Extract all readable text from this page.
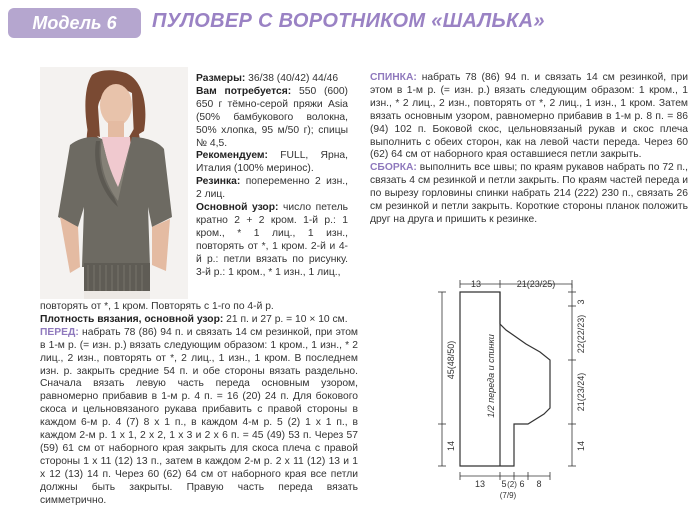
Модель 6	ПУЛОВЕР С ВОРОТНИКОМ «ШАЛЬКА»

Размеры: 36/38 (40/42) 44/46

Вам потребуется: 550 (600) 650 г тёмно-серой пряжи Asia (50% бамбукового волокна, 50% хлопка, 95 м/50 г); спицы № 4,5.

Рекомендуем: FULL, Ярна, Италия (100% меринос).

Резинка: попеременно 2 изн., 2 лиц.

Основной узор: число петель кратно 2 + 2 кром. 1-й р.: 1 кром., * 1 лиц., 1 изн., повторять от *, 1 кром. 2-й и 4-й р.: петли вязать по рисунку. 3-й р.: 1 кром., * 1 изн., 1 лиц.,

повторять от *, 1 кром. Повторять с 1-го по 4-й р.

Плотность вязания, основной узор: 21 п. и 27 р. = 10 × 10 см.

ПЕРЕД: набрать 78 (86) 94 п. и связать 14 см резинкой, при этом в 1-м р. (= изн. р.) вязать следующим образом: 1 кром., 1 изн., * 2 лиц., 2 изн., повторять от *, 2 лиц., 1 изн., 1 кром. В последнем изн. р. закрыть средние 54 п. и обе стороны вязать раздельно. Сначала вязать левую часть переда основным узором, равномерно прибавив в 1-м р. 4 п. = 16 (20) 24 п. Для бокового скоса и цельновязаного рукава прибавить с правой стороны в каждом 6-м р. 4 (7) 8 х 1 п., в каждом 4-м р. 5 (2) 1 х 1 п., в каждом 2-м р. 1 х 1, 2 х 2, 1 х 3 и 2 х 6 п. = 45 (49) 53 п. Через 57 (59) 61 см от наборного края закрыть для скоса плеча с правой стороны 1 х 11 (12) 13 п., затем в каждом 2-м р. 2 х 11 (12) 13 и 1 х 12 (13) 14 п. Через 60 (62) 64 см от наборного края все петли должны быть закрыты. Правую часть переда вязать симметрично.

СПИНКА: набрать 78 (86) 94 п. и связать 14 см резинкой, при этом в 1-м р. (= изн. р.) вязать следующим образом: 1 кром., 1 изн., * 2 лиц., 2 изн., повторять от *, 2 лиц., 1 изн., 1 кром. Затем вязать основным узором, равномерно прибавив в 1-м р. 8 п. = 86 (94) 102 п. Боковой скос, цельновязаный рукав и скос плеча выполнить с обеих сторон, как на левой части переда. Через 60 (62) 64 см от наборного края оставшиеся петли закрыть.

СБОРКА: выполнить все швы; по краям рукавов набрать по 72 п., связать 4 см резинкой и петли закрыть. По краям частей переда и по вырезу горловины спинки набрать 214 (222) 230 п., связать 26 см резинкой и петли закрыть. Короткие стороны планок положить друг на друга и пришить к резинке.

13	21(23/25)
3
22(22/23)
21(23/24)
14
45(48/50)
14
1/2 переда и спинки
13 5 (2) 6 8
(7/9)
